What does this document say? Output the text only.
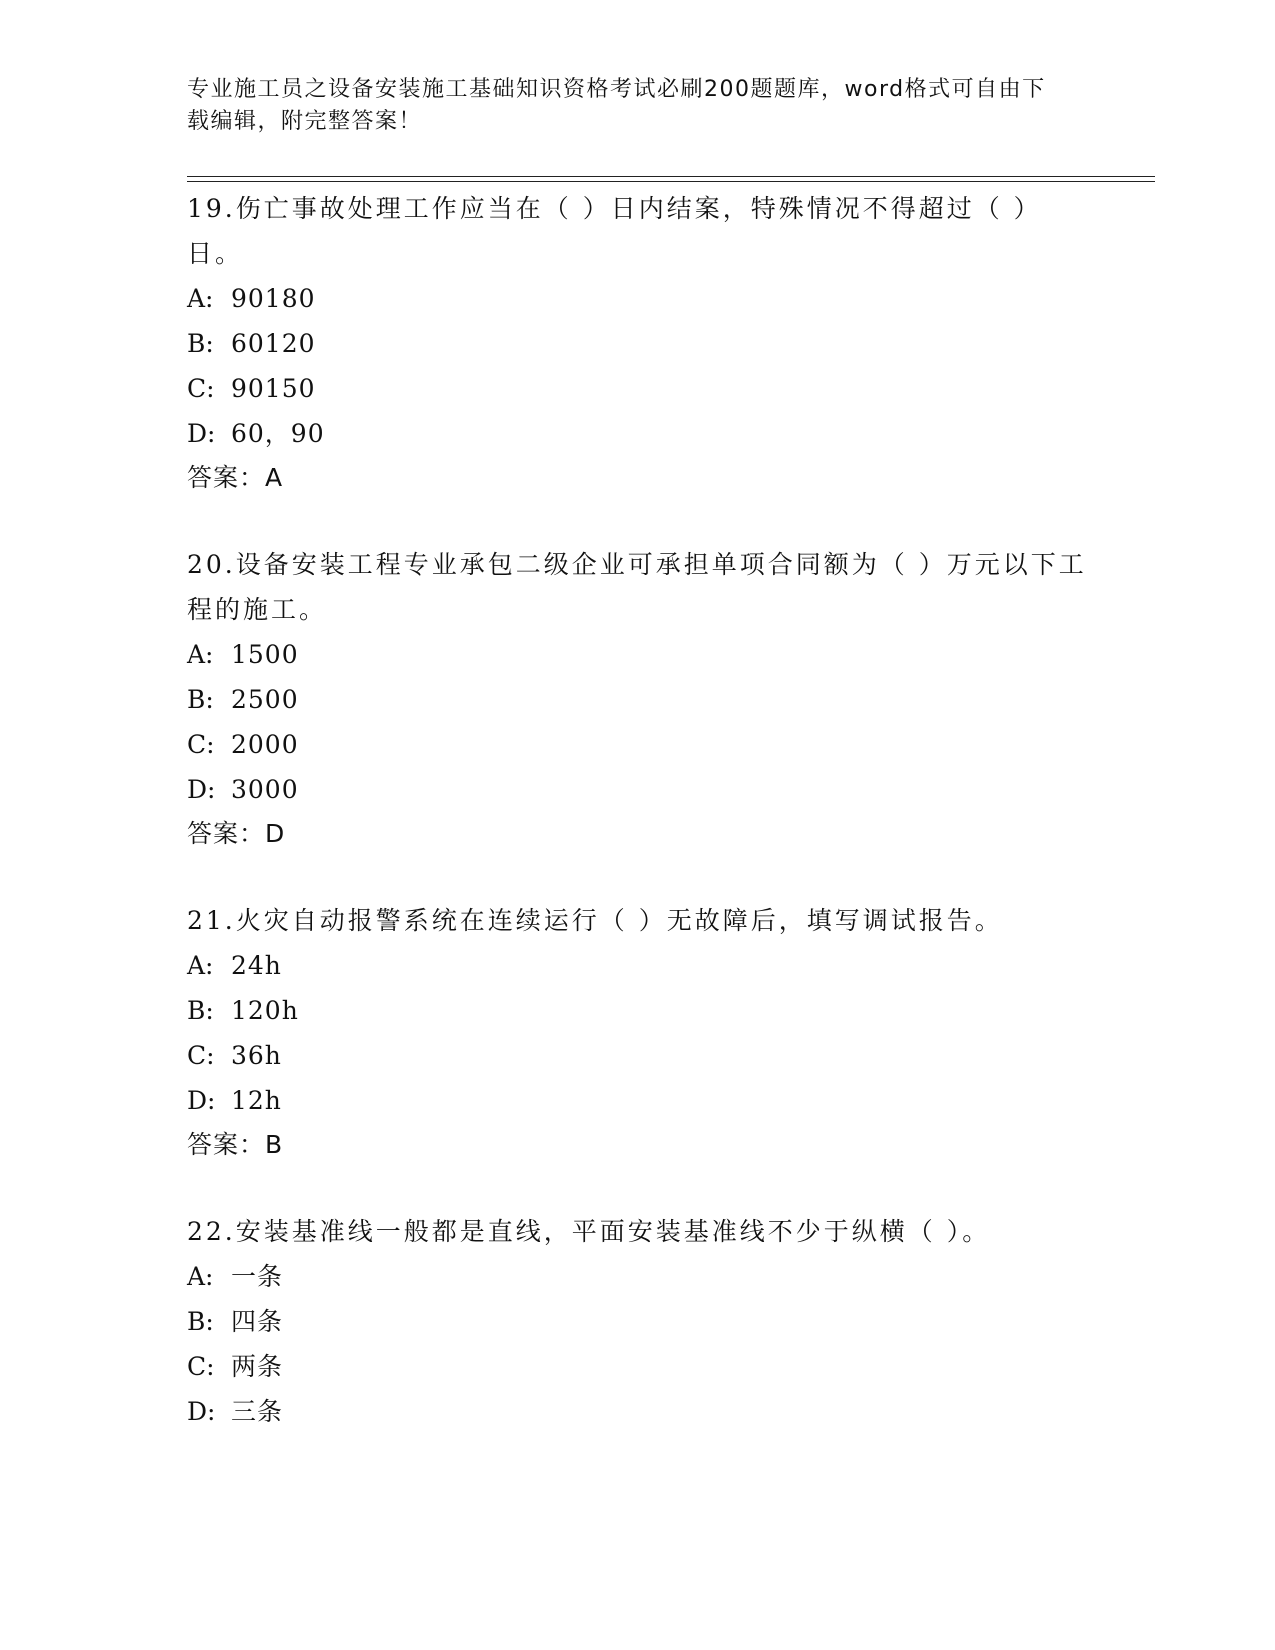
专业施工员之设备安装施工基础知识资格考试必刷200题题库，word格式可自由下载编辑，附完整答案！

19.伤亡事故处理工作应当在（ ）日内结案，特殊情况不得超过（ ）日。

A: 90180

B: 60120

C: 90150

D: 60，90

答案：A

20.设备安装工程专业承包二级企业可承担单项合同额为（ ）万元以下工程的施工。

A: 1500

B: 2500

C: 2000

D: 3000

答案：D

21.火灾自动报警系统在连续运行（ ）无故障后，填写调试报告。

A: 24h

B: 120h

C: 36h

D: 12h

答案：B

22.安装基准线一般都是直线，平面安装基准线不少于纵横（ ）。

A: 一条

B: 四条

C: 两条

D: 三条
